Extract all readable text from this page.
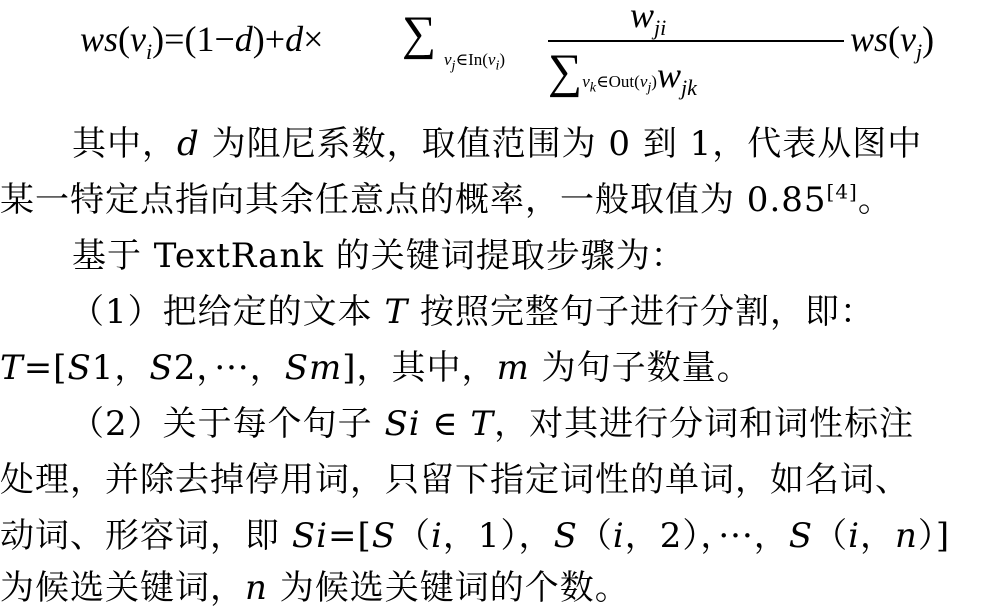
$ws(v_i)=(1-d)+d\times$ ∑ $v_j\in In(v_i)$
$w_{ji}$
$\sum v_k\in Out(v_j)w_{jk}$
$ws(v_j)$
其中，d 为阻尼系数，取值范围为 0 到 1，代表从图中
某一特定点指向其余任意点的概率，一般取值为 0.85[4]。
基于 TextRank 的关键词提取步骤为：
（1）把给定的文本 T 按照完整句子进行分割，即：
T=[S1，S2，···，Sm]，其中，m 为句子数量。
（2）关于每个句子 Si ∈ T，对其进行分词和词性标注
处理，并除去掉停用词，只留下指定词性的单词，如名词、
动词、形容词，即 Si=[S（i，1），S（i，2），···，S（i，n）]
为候选关键词，n 为候选关键词的个数。
